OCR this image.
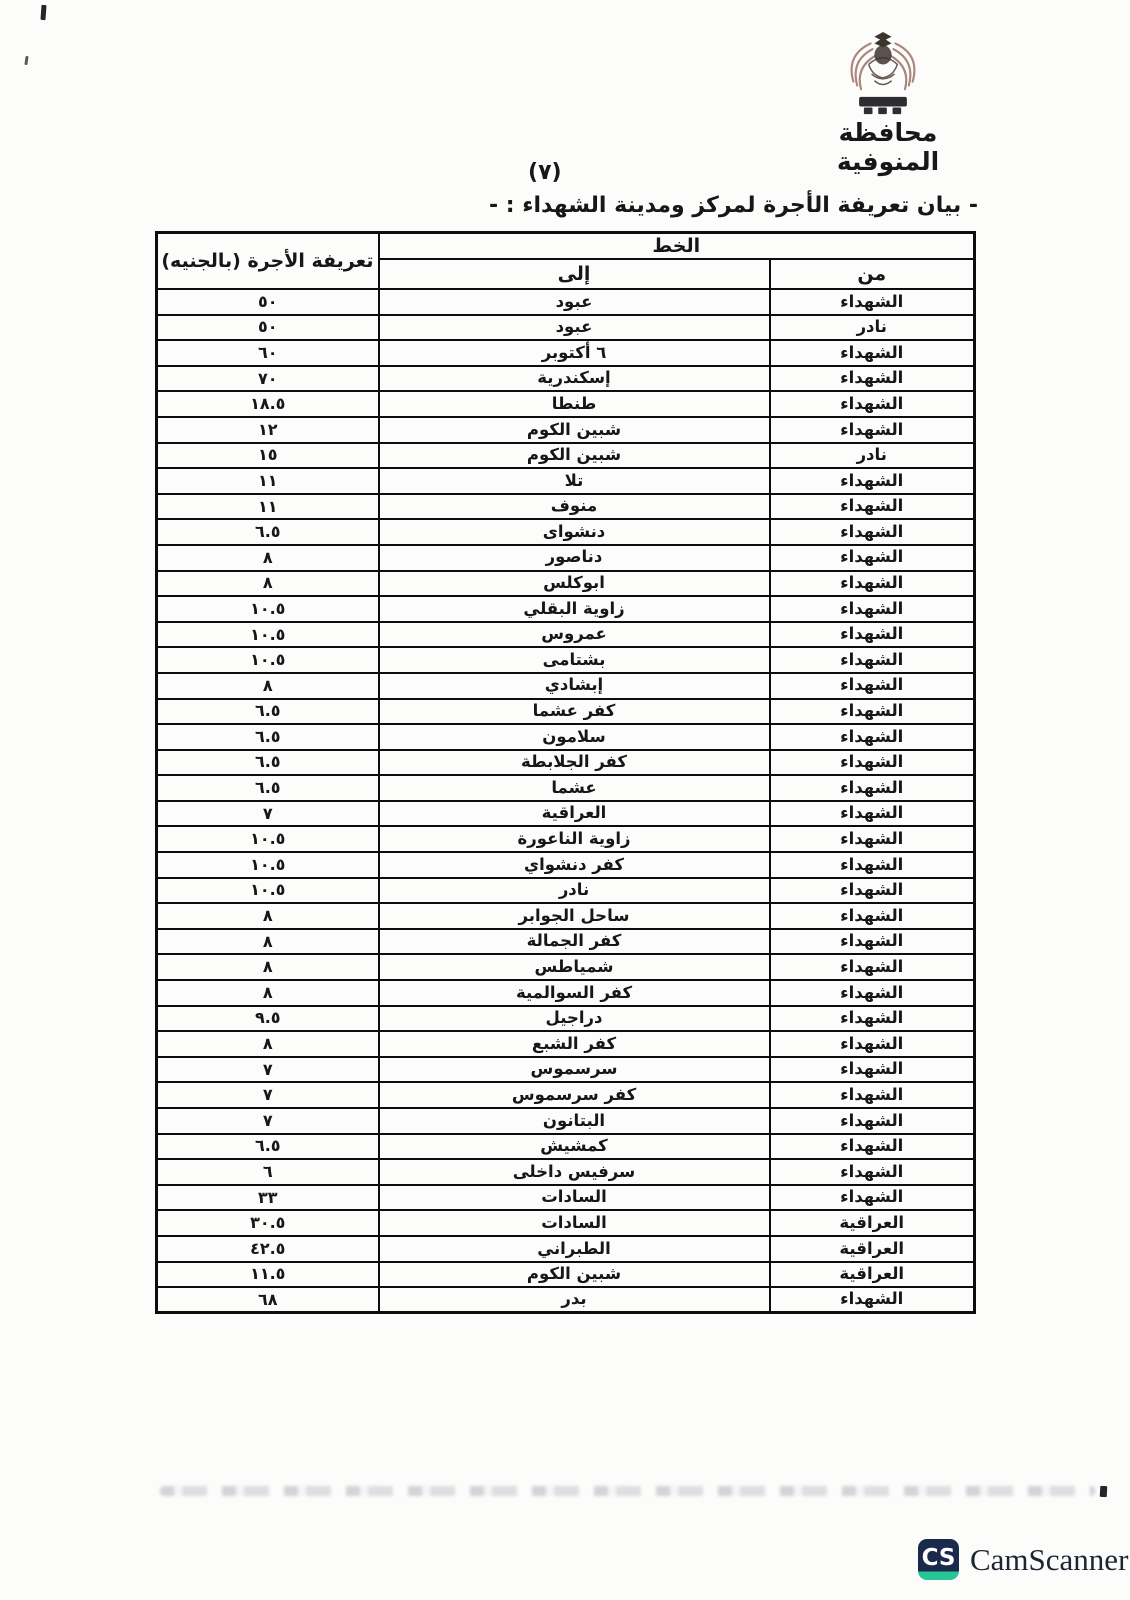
محافظة المنوفية
(٧)
- بيان تعريفة الأجرة لمركز ومدينة الشهداء : -
الخط		تعريفة الأجرة (بالجنيه)
من	إلى	
الشهداء	عبود	٥٠
نادر	عبود	٥٠
الشهداء	٦ أكتوبر	٦٠
الشهداء	إسكندرية	٧٠
الشهداء	طنطا	١٨.٥
الشهداء	شبين الكوم	١٢
نادر	شبين الكوم	١٥
الشهداء	تلا	١١
الشهداء	منوف	١١
الشهداء	دنشواى	٦.٥
الشهداء	دناصور	٨
الشهداء	ابوكلس	٨
الشهداء	زاوية البقلي	١٠.٥
الشهداء	عمروس	١٠.٥
الشهداء	بشتامى	١٠.٥
الشهداء	إبشادي	٨
الشهداء	كفر عشما	٦.٥
الشهداء	سلامون	٦.٥
الشهداء	كفر الجلابطة	٦.٥
الشهداء	عشما	٦.٥
الشهداء	العراقية	٧
الشهداء	زاوية الناعورة	١٠.٥
الشهداء	كفر دنشواي	١٠.٥
الشهداء	نادر	١٠.٥
الشهداء	ساحل الجوابر	٨
الشهداء	كفر الجمالة	٨
الشهداء	شمياطس	٨
الشهداء	كفر السوالمية	٨
الشهداء	دراجيل	٩.٥
الشهداء	كفر الشبع	٨
الشهداء	سرسموس	٧
الشهداء	كفر سرسموس	٧
الشهداء	البتانون	٧
الشهداء	كمشيش	٦.٥
الشهداء	سرفيس داخلى	٦
الشهداء	السادات	٣٣
العراقية	السادات	٣٠.٥
العراقية	الطبراني	٤٢.٥
العراقية	شبين الكوم	١١.٥
الشهداء	بدر	٦٨
CS CamScanner
